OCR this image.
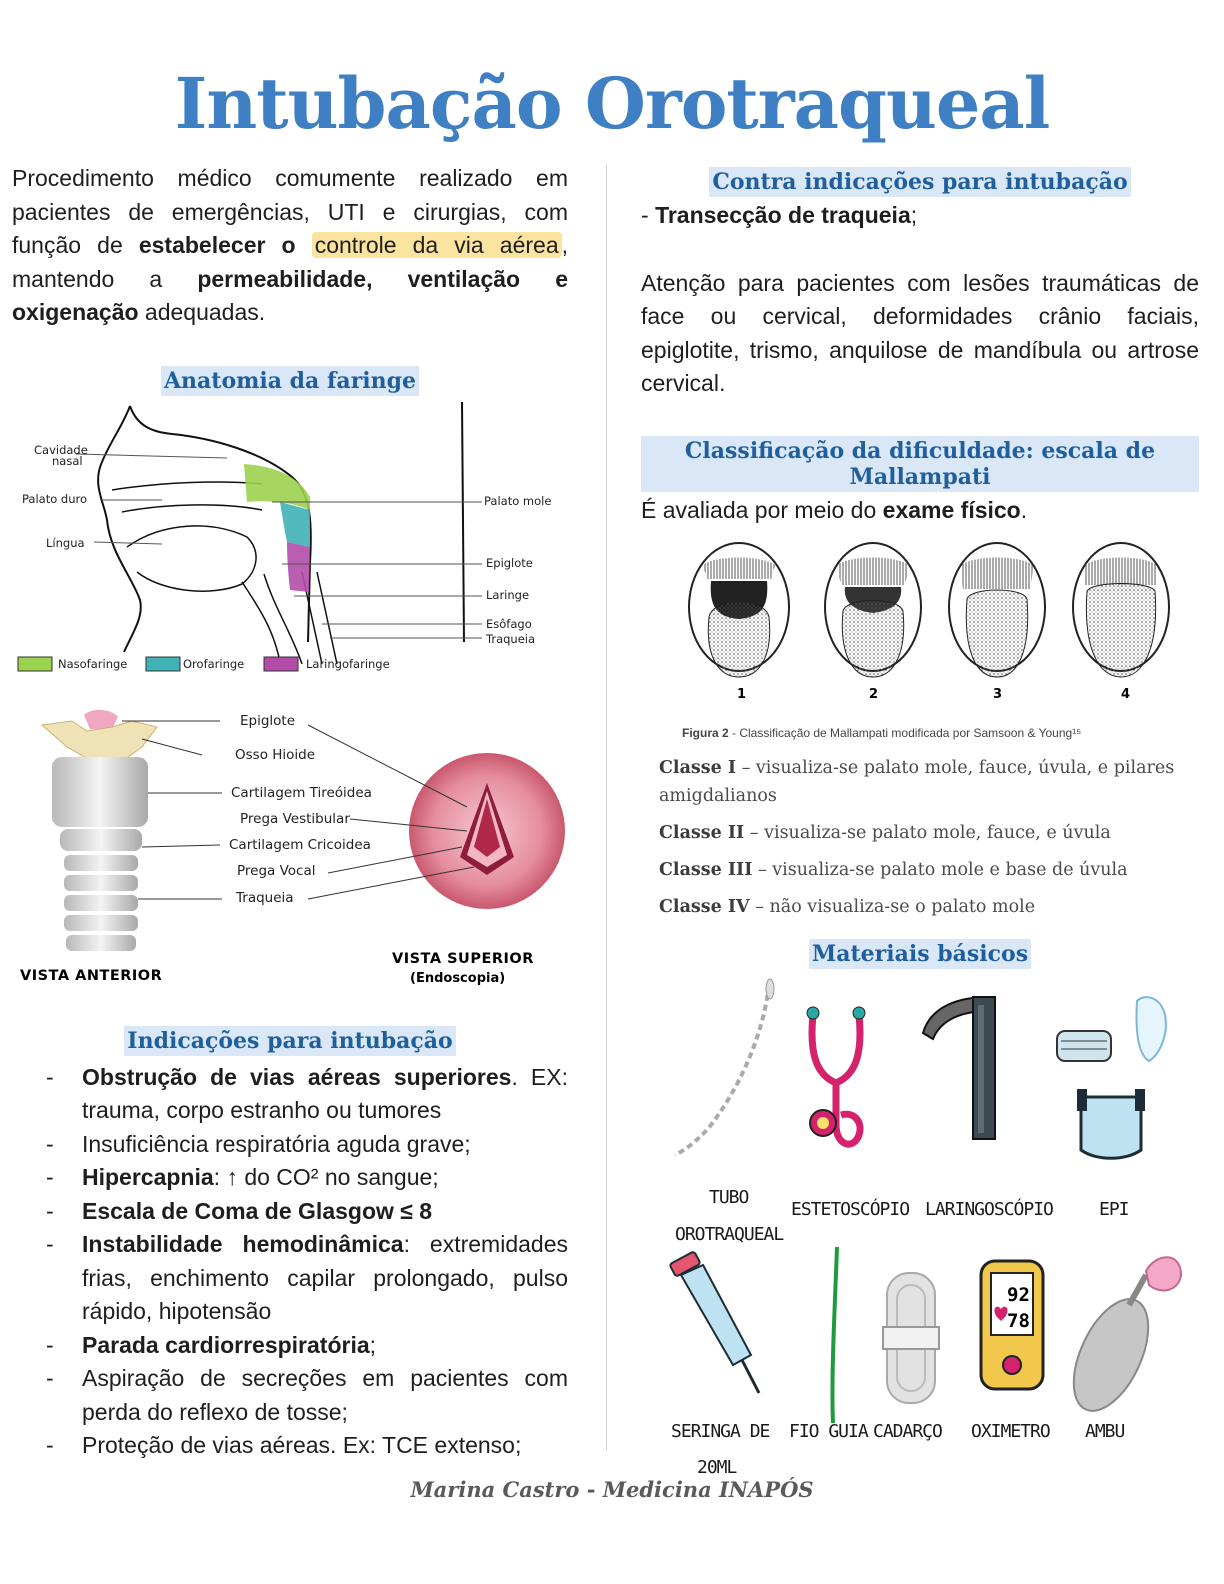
Intubação Orotraqueal

Procedimento médico comumente realizado em pacientes de emergências, UTI e cirurgias, com função de estabelecer o controle da via aérea , mantendo a permeabilidade, ventilação e oxigenação adequadas.

Anatomia da faringe
Cavidade
nasal
Palato duro
Língua
Palato mole
Epiglote
Laringe
Esôfago
Traqueia
Nasofaringe	Orofaringe	Laringofaringe
Epiglote
Osso Hioide
Cartilagem Tireóidea
Prega Vestibular
Cartilagem Cricoidea
Prega Vocal
Traqueia
VISTA ANTERIOR
VISTA SUPERIOR
(Endoscopia)
Indicações para intubação
- Obstrução de vias aéreas superiores. EX: trauma, corpo estranho ou tumores
- Insuficiência respiratória aguda grave;
- Hipercapnia: ↑ do CO² no sangue;
- Escala de Coma de Glasgow ≤ 8
- Instabilidade hemodinâmica: extremidades frias, enchimento capilar prolongado, pulso rápido, hipotensão
- Parada cardiorrespiratória;
- Aspiração de secreções em pacientes com perda do reflexo de tosse;
- Proteção de vias aéreas. Ex: TCE extenso;
Contra indicações para intubação

- Transecção de traqueia;

Atenção para pacientes com lesões traumáticas de face ou cervical, deformidades crânio faciais, epiglotite, trismo, anquilose de mandíbula ou artrose cervical.

Classificação da dificuldade: escala de Mallampati

É avaliada por meio do exame físico.

1	2	3	4
Figura 2 - Classificação de Mallampati modificada por Samsoon & Young¹⁵

Classe I – visualiza-se palato mole, fauce, úvula, e pilares amigdalianos

Classe II – visualiza-se palato mole, fauce, e úvula

Classe III – visualiza-se palato mole e base de úvula

Classe IV – não visualiza-se o palato mole

Materiais básicos
TUBO
OROTRAQUEAL
ESTETOSCÓPIO LARINGOSCÓPIO	EPI
SERINGA DE
20ML
FIO GUIA CADARÇO
92
78
OXIMETRO AMBU
Marina Castro - Medicina INAPÓS
